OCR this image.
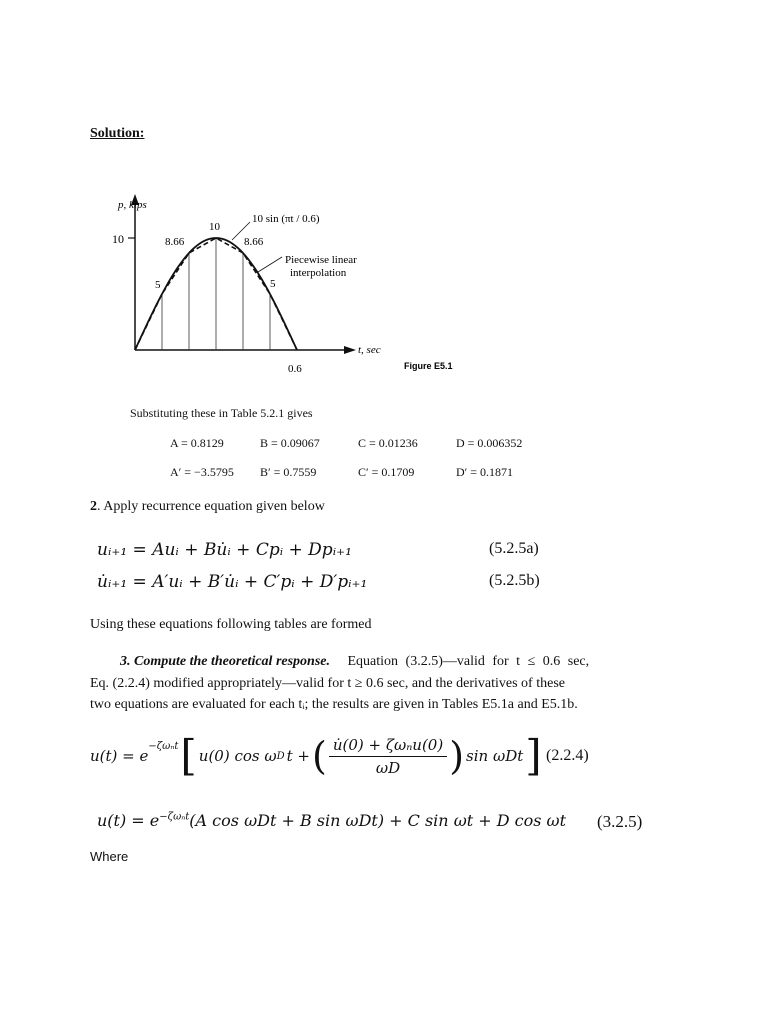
Solution:
p, kips
10
0.6
t, sec
5
8.66
10
8.66
5
10 sin (πt / 0.6)
Piecewise linear
interpolation
Figure E5.1
Substituting these in Table 5.2.1 gives
A = 0.8129	B = 0.09067	C = 0.01236	D = 0.006352
A′ = −3.5795 B′ = 0.7559	C′ = 0.1709	D′ = 0.1871
2. Apply recurrence equation given below
uᵢ₊₁ = Auᵢ + Bu̇ᵢ + Cpᵢ + Dpᵢ₊₁	(5.2.5a)
u̇ᵢ₊₁ = A′uᵢ + B′u̇ᵢ + C′pᵢ + D′pᵢ₊₁	(5.2.5b)
Using these equations following tables are formed
3. Compute the theoretical response. Equation (3.2.5)—valid for t ≤ 0.6 sec,
Eq. (2.2.4) modified appropriately—valid for t ≥ 0.6 sec, and the derivatives of these
two equations are evaluated for each tᵢ; the results are given in Tables E5.1a and E5.1b.
u(t) = e
$^{-\zeta\omega_nt}$ [ u(0) cos ω D t + ( $\frac{\text{u̇(0) + ζωₙu(0)}}{\omega D}$ ) sin ωDt ] (2.2.4)
$u(t) = e^{-\zeta\omega_nt}(A$ cos ωDt + B sin ωDt) + C sin ωt + D cos ωt (3.2.5)
Where
